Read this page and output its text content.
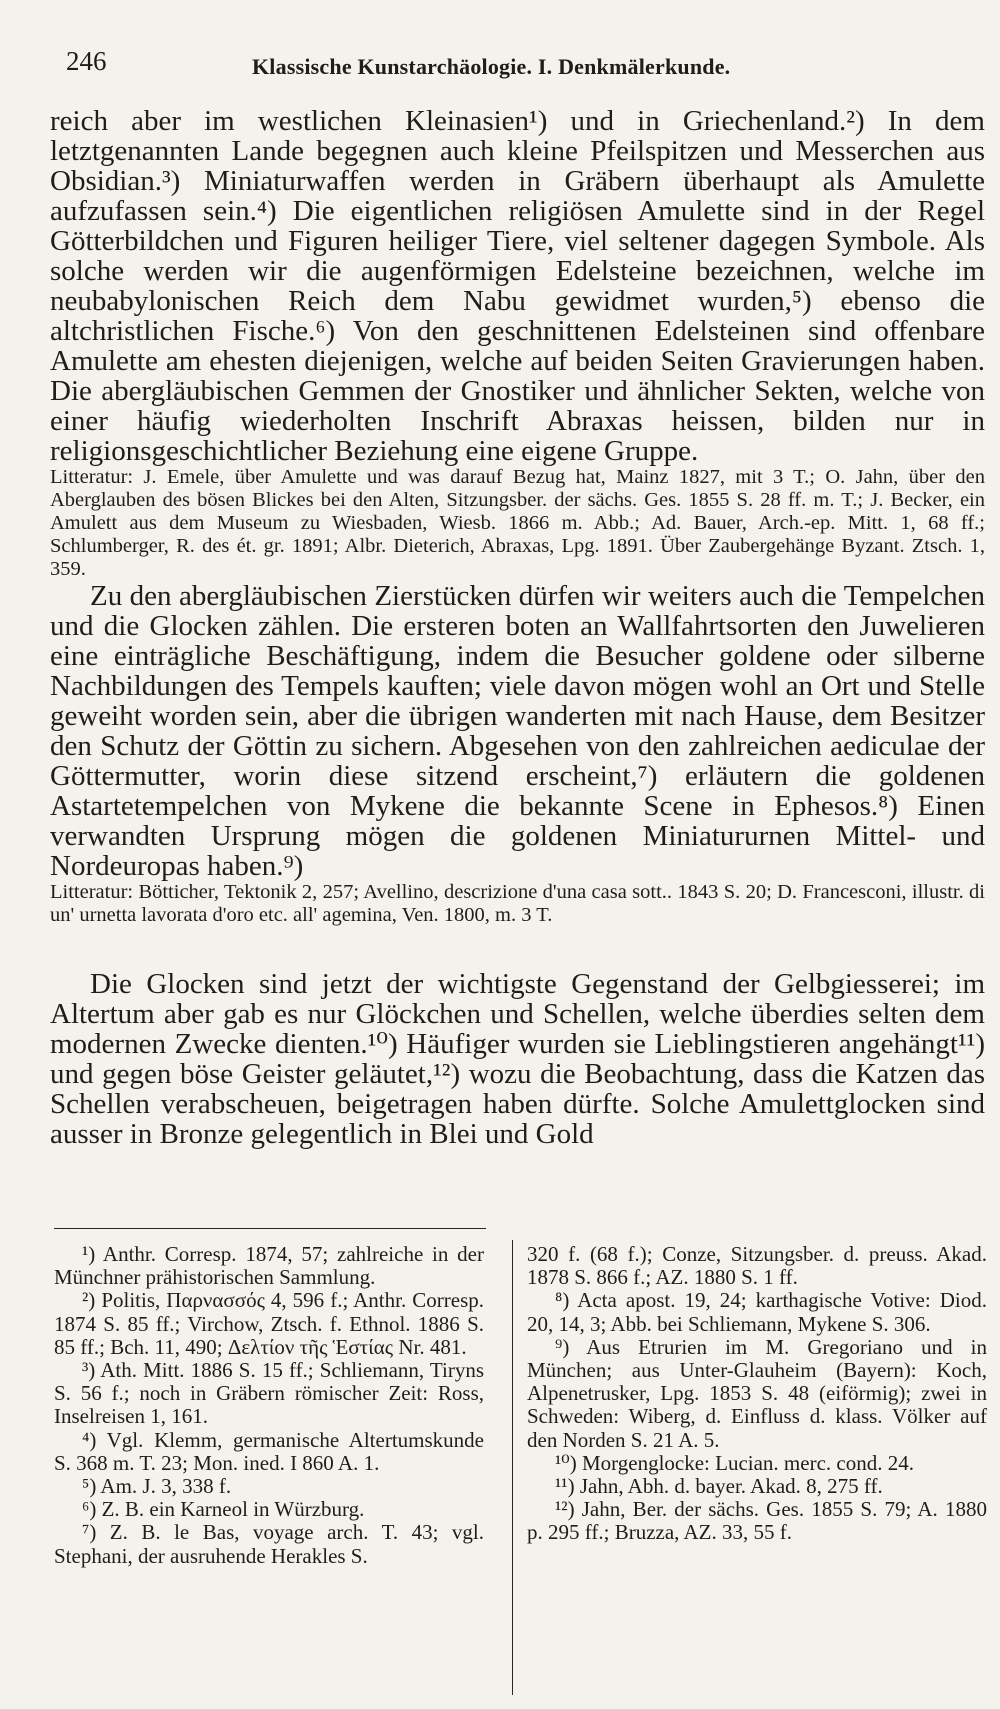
246	Klassische Kunstarchäologie. I. Denkmälerkunde.

reich aber im westlichen Kleinasien¹) und in Griechenland.²) In dem letztgenannten Lande begegnen auch kleine Pfeilspitzen und Messerchen aus Obsidian.³) Miniaturwaffen werden in Gräbern überhaupt als Amulette aufzufassen sein.⁴) Die eigentlichen religiösen Amulette sind in der Regel Götterbildchen und Figuren heiliger Tiere, viel seltener dagegen Symbole. Als solche werden wir die augenförmigen Edelsteine bezeichnen, welche im neubabylonischen Reich dem Nabu gewidmet wurden,⁵) ebenso die altchristlichen Fische.⁶) Von den geschnittenen Edelsteinen sind offenbare Amulette am ehesten diejenigen, welche auf beiden Seiten Gravierungen haben. Die abergläubischen Gemmen der Gnostiker und ähnlicher Sekten, welche von einer häufig wiederholten Inschrift Abraxas heissen, bilden nur in religionsgeschichtlicher Beziehung eine eigene Gruppe.

Litteratur: J. Emele, über Amulette und was darauf Bezug hat, Mainz 1827, mit 3 T.; O. Jahn, über den Aberglauben des bösen Blickes bei den Alten, Sitzungsber. der sächs. Ges. 1855 S. 28 ff. m. T.; J. Becker, ein Amulett aus dem Museum zu Wiesbaden, Wiesb. 1866 m. Abb.; Ad. Bauer, Arch.-ep. Mitt. 1, 68 ff.; Schlumberger, R. des ét. gr. 1891; Albr. Dieterich, Abraxas, Lpg. 1891. Über Zaubergehänge Byzant. Ztsch. 1, 359.

Zu den abergläubischen Zierstücken dürfen wir weiters auch die Tempelchen und die Glocken zählen. Die ersteren boten an Wallfahrtsorten den Juwelieren eine einträgliche Beschäftigung, indem die Besucher goldene oder silberne Nachbildungen des Tempels kauften; viele davon mögen wohl an Ort und Stelle geweiht worden sein, aber die übrigen wanderten mit nach Hause, dem Besitzer den Schutz der Göttin zu sichern. Abgesehen von den zahlreichen aediculae der Göttermutter, worin diese sitzend erscheint,⁷) erläutern die goldenen Astartetempelchen von Mykene die bekannte Scene in Ephesos.⁸) Einen verwandten Ursprung mögen die goldenen Miniatururnen Mittel- und Nordeuropas haben.⁹)

Litteratur: Bötticher, Tektonik 2, 257; Avellino, descrizione d'una casa sott.. 1843 S. 20; D. Francesconi, illustr. di un' urnetta lavorata d'oro etc. all' agemina, Ven. 1800, m. 3 T.

Die Glocken sind jetzt der wichtigste Gegenstand der Gelbgiesserei; im Altertum aber gab es nur Glöckchen und Schellen, welche überdies selten dem modernen Zwecke dienten.¹⁰) Häufiger wurden sie Lieblingstieren angehängt¹¹) und gegen böse Geister geläutet,¹²) wozu die Beobachtung, dass die Katzen das Schellen verabscheuen, beigetragen haben dürfte. Solche Amulettglocken sind ausser in Bronze gelegentlich in Blei und Gold

¹) Anthr. Corresp. 1874, 57; zahlreiche in der Münchner prähistorischen Sammlung.

²) Politis, Παρνασσός 4, 596 f.; Anthr. Corresp. 1874 S. 85 ff.; Virchow, Ztsch. f. Ethnol. 1886 S. 85 ff.; Bch. 11, 490; Δελτίον τῆς Ἑστίας Nr. 481.

³) Ath. Mitt. 1886 S. 15 ff.; Schliemann, Tiryns S. 56 f.; noch in Gräbern römischer Zeit: Ross, Inselreisen 1, 161.

⁴) Vgl. Klemm, germanische Altertumskunde S. 368 m. T. 23; Mon. ined. I 860 A. 1.

⁵) Am. J. 3, 338 f.

⁶) Z. B. ein Karneol in Würzburg.

⁷) Z. B. le Bas, voyage arch. T. 43; vgl. Stephani, der ausruhende Herakles S.

320 f. (68 f.); Conze, Sitzungsber. d. preuss. Akad. 1878 S. 866 f.; AZ. 1880 S. 1 ff.

⁸) Acta apost. 19, 24; karthagische Votive: Diod. 20, 14, 3; Abb. bei Schliemann, Mykene S. 306.

⁹) Aus Etrurien im M. Gregoriano und in München; aus Unter-Glauheim (Bayern): Koch, Alpenetrusker, Lpg. 1853 S. 48 (eiförmig); zwei in Schweden: Wiberg, d. Einfluss d. klass. Völker auf den Norden S. 21 A. 5.

¹⁰) Morgenglocke: Lucian. merc. cond. 24.

¹¹) Jahn, Abh. d. bayer. Akad. 8, 275 ff.

¹²) Jahn, Ber. der sächs. Ges. 1855 S. 79; A. 1880 p. 295 ff.; Bruzza, AZ. 33, 55 f.
